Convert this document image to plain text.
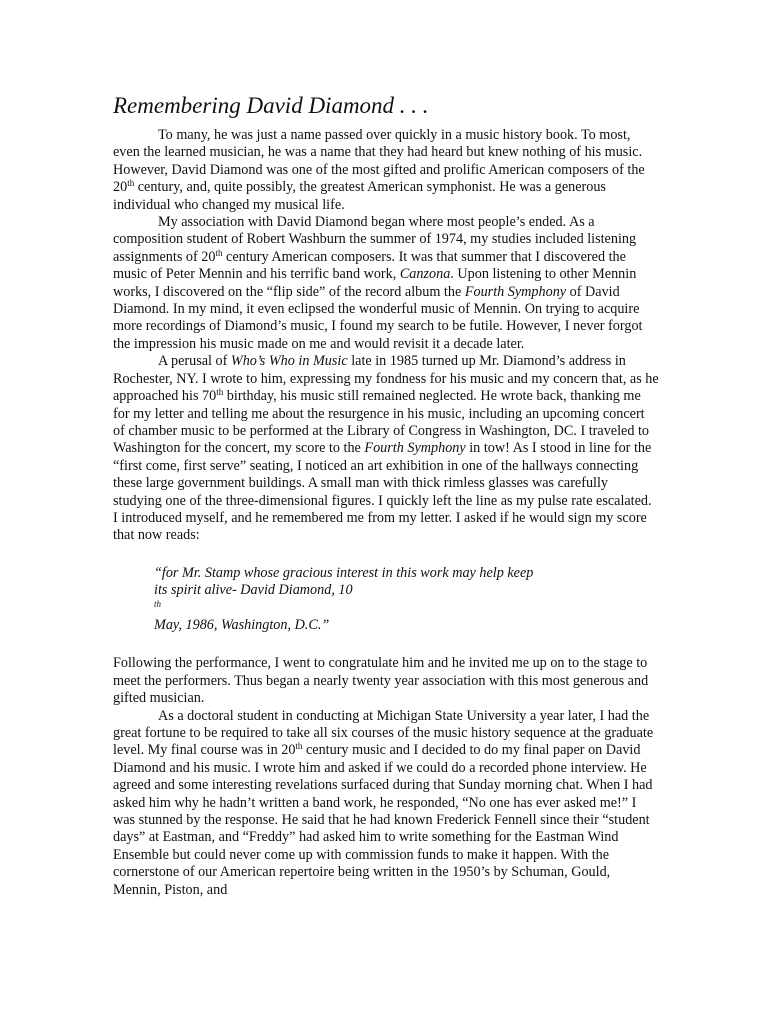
Remembering David Diamond . . .

To many, he was just a name passed over quickly in a music history book. To most, even the learned musician, he was a name that they had heard but knew nothing of his music. However, David Diamond was one of the most gifted and prolific American composers of the 20th century, and, quite possibly, the greatest American symphonist. He was a generous individual who changed my musical life.

My association with David Diamond began where most people’s ended. As a composition student of Robert Washburn the summer of 1974, my studies included listening assignments of 20th century American composers. It was that summer that I discovered the music of Peter Mennin and his terrific band work, Canzona. Upon listening to other Mennin works, I discovered on the “flip side” of the record album the Fourth Symphony of David Diamond. In my mind, it even eclipsed the wonderful music of Mennin. On trying to acquire more recordings of Diamond’s music, I found my search to be futile. However, I never forgot the impression his music made on me and would revisit it a decade later.

A perusal of Who’s Who in Music late in 1985 turned up Mr. Diamond’s address in Rochester, NY. I wrote to him, expressing my fondness for his music and my concern that, as he approached his 70th birthday, his music still remained neglected. He wrote back, thanking me for my letter and telling me about the resurgence in his music, including an upcoming concert of chamber music to be performed at the Library of Congress in Washington, DC. I traveled to Washington for the concert, my score to the Fourth Symphony in tow! As I stood in line for the “first come, first serve” seating, I noticed an art exhibition in one of the hallways connecting these large government buildings. A small man with thick rimless glasses was carefully studying one of the three-dimensional figures. I quickly left the line as my pulse rate escalated. I introduced myself, and he remembered me from my letter. I asked if he would sign my score that now reads:

“for Mr. Stamp whose gracious interest in this work may help keep
its spirit alive- David Diamond, 10
$^{th}$
May, 1986, Washington, D.C.”

Following the performance, I went to congratulate him and he invited me up on to the stage to meet the performers. Thus began a nearly twenty year association with this most generous and gifted musician.

As a doctoral student in conducting at Michigan State University a year later, I had the great fortune to be required to take all six courses of the music history sequence at the graduate level. My final course was in 20th century music and I decided to do my final paper on David Diamond and his music. I wrote him and asked if we could do a recorded phone interview. He agreed and some interesting revelations surfaced during that Sunday morning chat. When I had asked him why he hadn’t written a band work, he responded, “No one has ever asked me!” I was stunned by the response. He said that he had known Frederick Fennell since their “student days” at Eastman, and “Freddy” had asked him to write something for the Eastman Wind Ensemble but could never come up with commission funds to make it happen. With the cornerstone of our American repertoire being written in the 1950’s by Schuman, Gould, Mennin, Piston, and
